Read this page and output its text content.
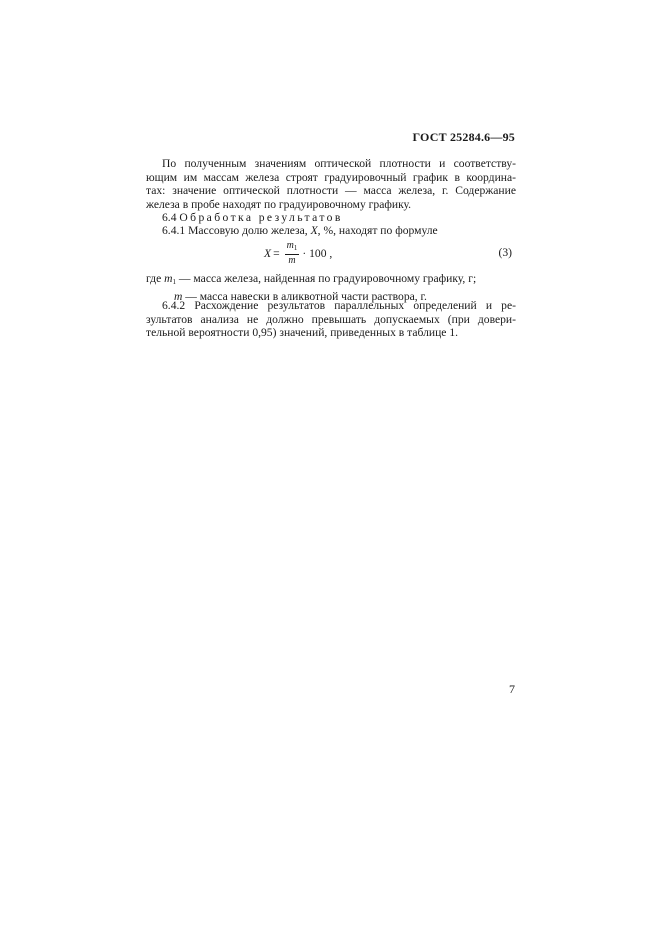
ГОСТ 25284.6—95
По полученным значениям оптической плотности и соответству-
ющим им массам железа строят градуировочный график в координа-
тах: значение оптической плотности — масса железа, г. Содержание
железа в пробе находят по градуировочному графику.
6.4 Обработка результатов
6.4.1 Массовую долю железа, X, %, находят по формуле
$X = \frac{m_1}{m} \cdot 100$ ,	(3)
где $m_1$ — масса железа, найденная по градуировочному графику, г;
m — масса навески в аликвотной части раствора, г.
6.4.2 Расхождение результатов параллельных определений и ре-
зультатов анализа не должно превышать допускаемых (при довери-
тельной вероятности 0,95) значений, приведенных в таблице 1.
7
